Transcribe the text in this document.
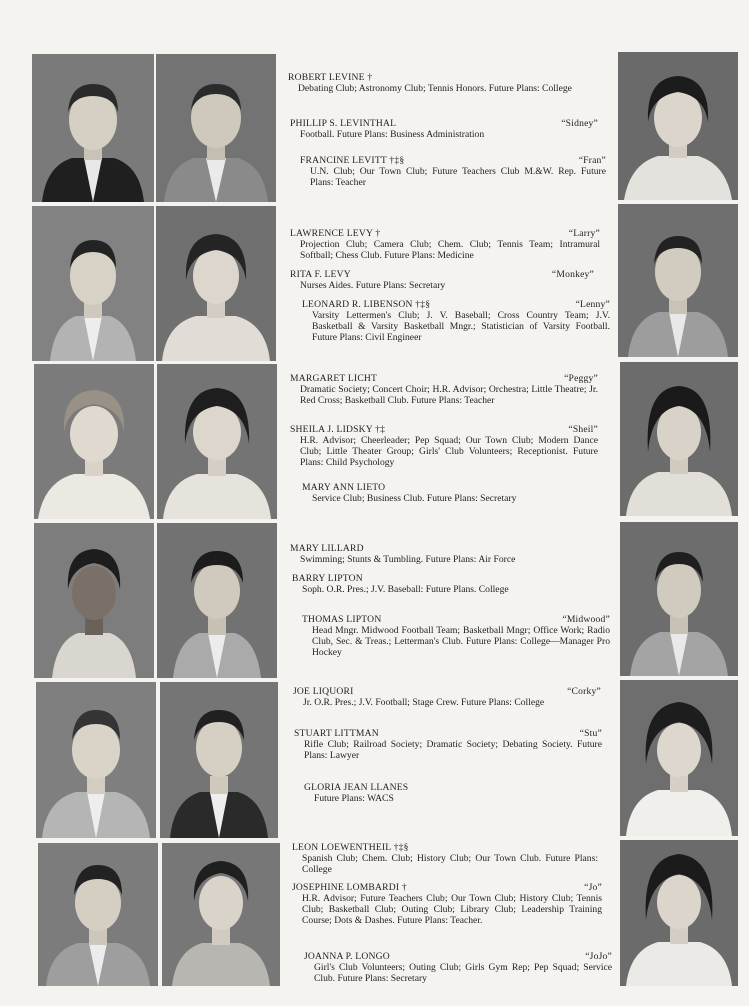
ROBERT LEVINE †
Debating Club; Astronomy Club; Tennis Honors. Future Plans: College
PHILLIP S. LEVINTHAL	“Sidney”
Football. Future Plans: Business Administration
FRANCINE LEVITT †‡§	“Fran”
U.N. Club; Our Town Club; Future Teachers Club M.&W. Rep. Future Plans: Teacher
LAWRENCE LEVY †	“Larry”
Projection Club; Camera Club; Chem. Club; Tennis Team; Intramural Softball; Chess Club. Future Plans: Medicine
RITA F. LEVY	“Monkey”
Nurses Aides. Future Plans: Secretary
LEONARD R. LIBENSON †‡§	“Lenny”
Varsity Lettermen's Club; J. V. Baseball; Cross Country Team; J.V. Basketball & Varsity Basketball Mngr.; Statistician of Varsity Football. Future Plans: Civil Engineer
MARGARET LICHT	“Peggy”
Dramatic Society; Concert Choir; H.R. Advisor; Orchestra; Little Theatre; Jr. Red Cross; Basketball Club. Future Plans: Teacher
SHEILA J. LIDSKY †‡	“Sheil”
H.R. Advisor; Cheerleader; Pep Squad; Our Town Club; Modern Dance Club; Little Theater Group; Girls' Club Volunteers; Receptionist. Future Plans: Child Psychology
MARY ANN LIETO
Service Club; Business Club. Future Plans: Secretary
MARY LILLARD
Swimming; Stunts & Tumbling. Future Plans: Air Force
BARRY LIPTON
Soph. O.R. Pres.; J.V. Baseball: Future Plans. College
THOMAS LIPTON	“Midwood”
Head Mngr. Midwood Football Team; Basketball Mngr; Office Work; Radio Club, Sec. & Treas.; Letterman's Club. Future Plans: College—Manager Pro Hockey
JOE LIQUORI	“Corky”
Jr. O.R. Pres.; J.V. Football; Stage Crew. Future Plans: College
STUART LITTMAN	“Stu”
Rifle Club; Railroad Society; Dramatic Society; Debating Society. Future Plans: Lawyer
GLORIA JEAN LLANES
Future Plans: WACS
LEON LOEWENTHEIL †‡§
Spanish Club; Chem. Club; History Club; Our Town Club. Future Plans: College
JOSEPHINE LOMBARDI †	“Jo”
H.R. Advisor; Future Teachers Club; Our Town Club; History Club; Tennis Club; Basketball Club; Outing Club; Library Club; Leadership Training Course; Dots & Dashes. Future Plans: Teacher.
JOANNA P. LONGO	“JoJo”
Girl's Club Volunteers; Outing Club; Girls Gym Rep; Pep Squad; Service Club. Future Plans: Secretary
